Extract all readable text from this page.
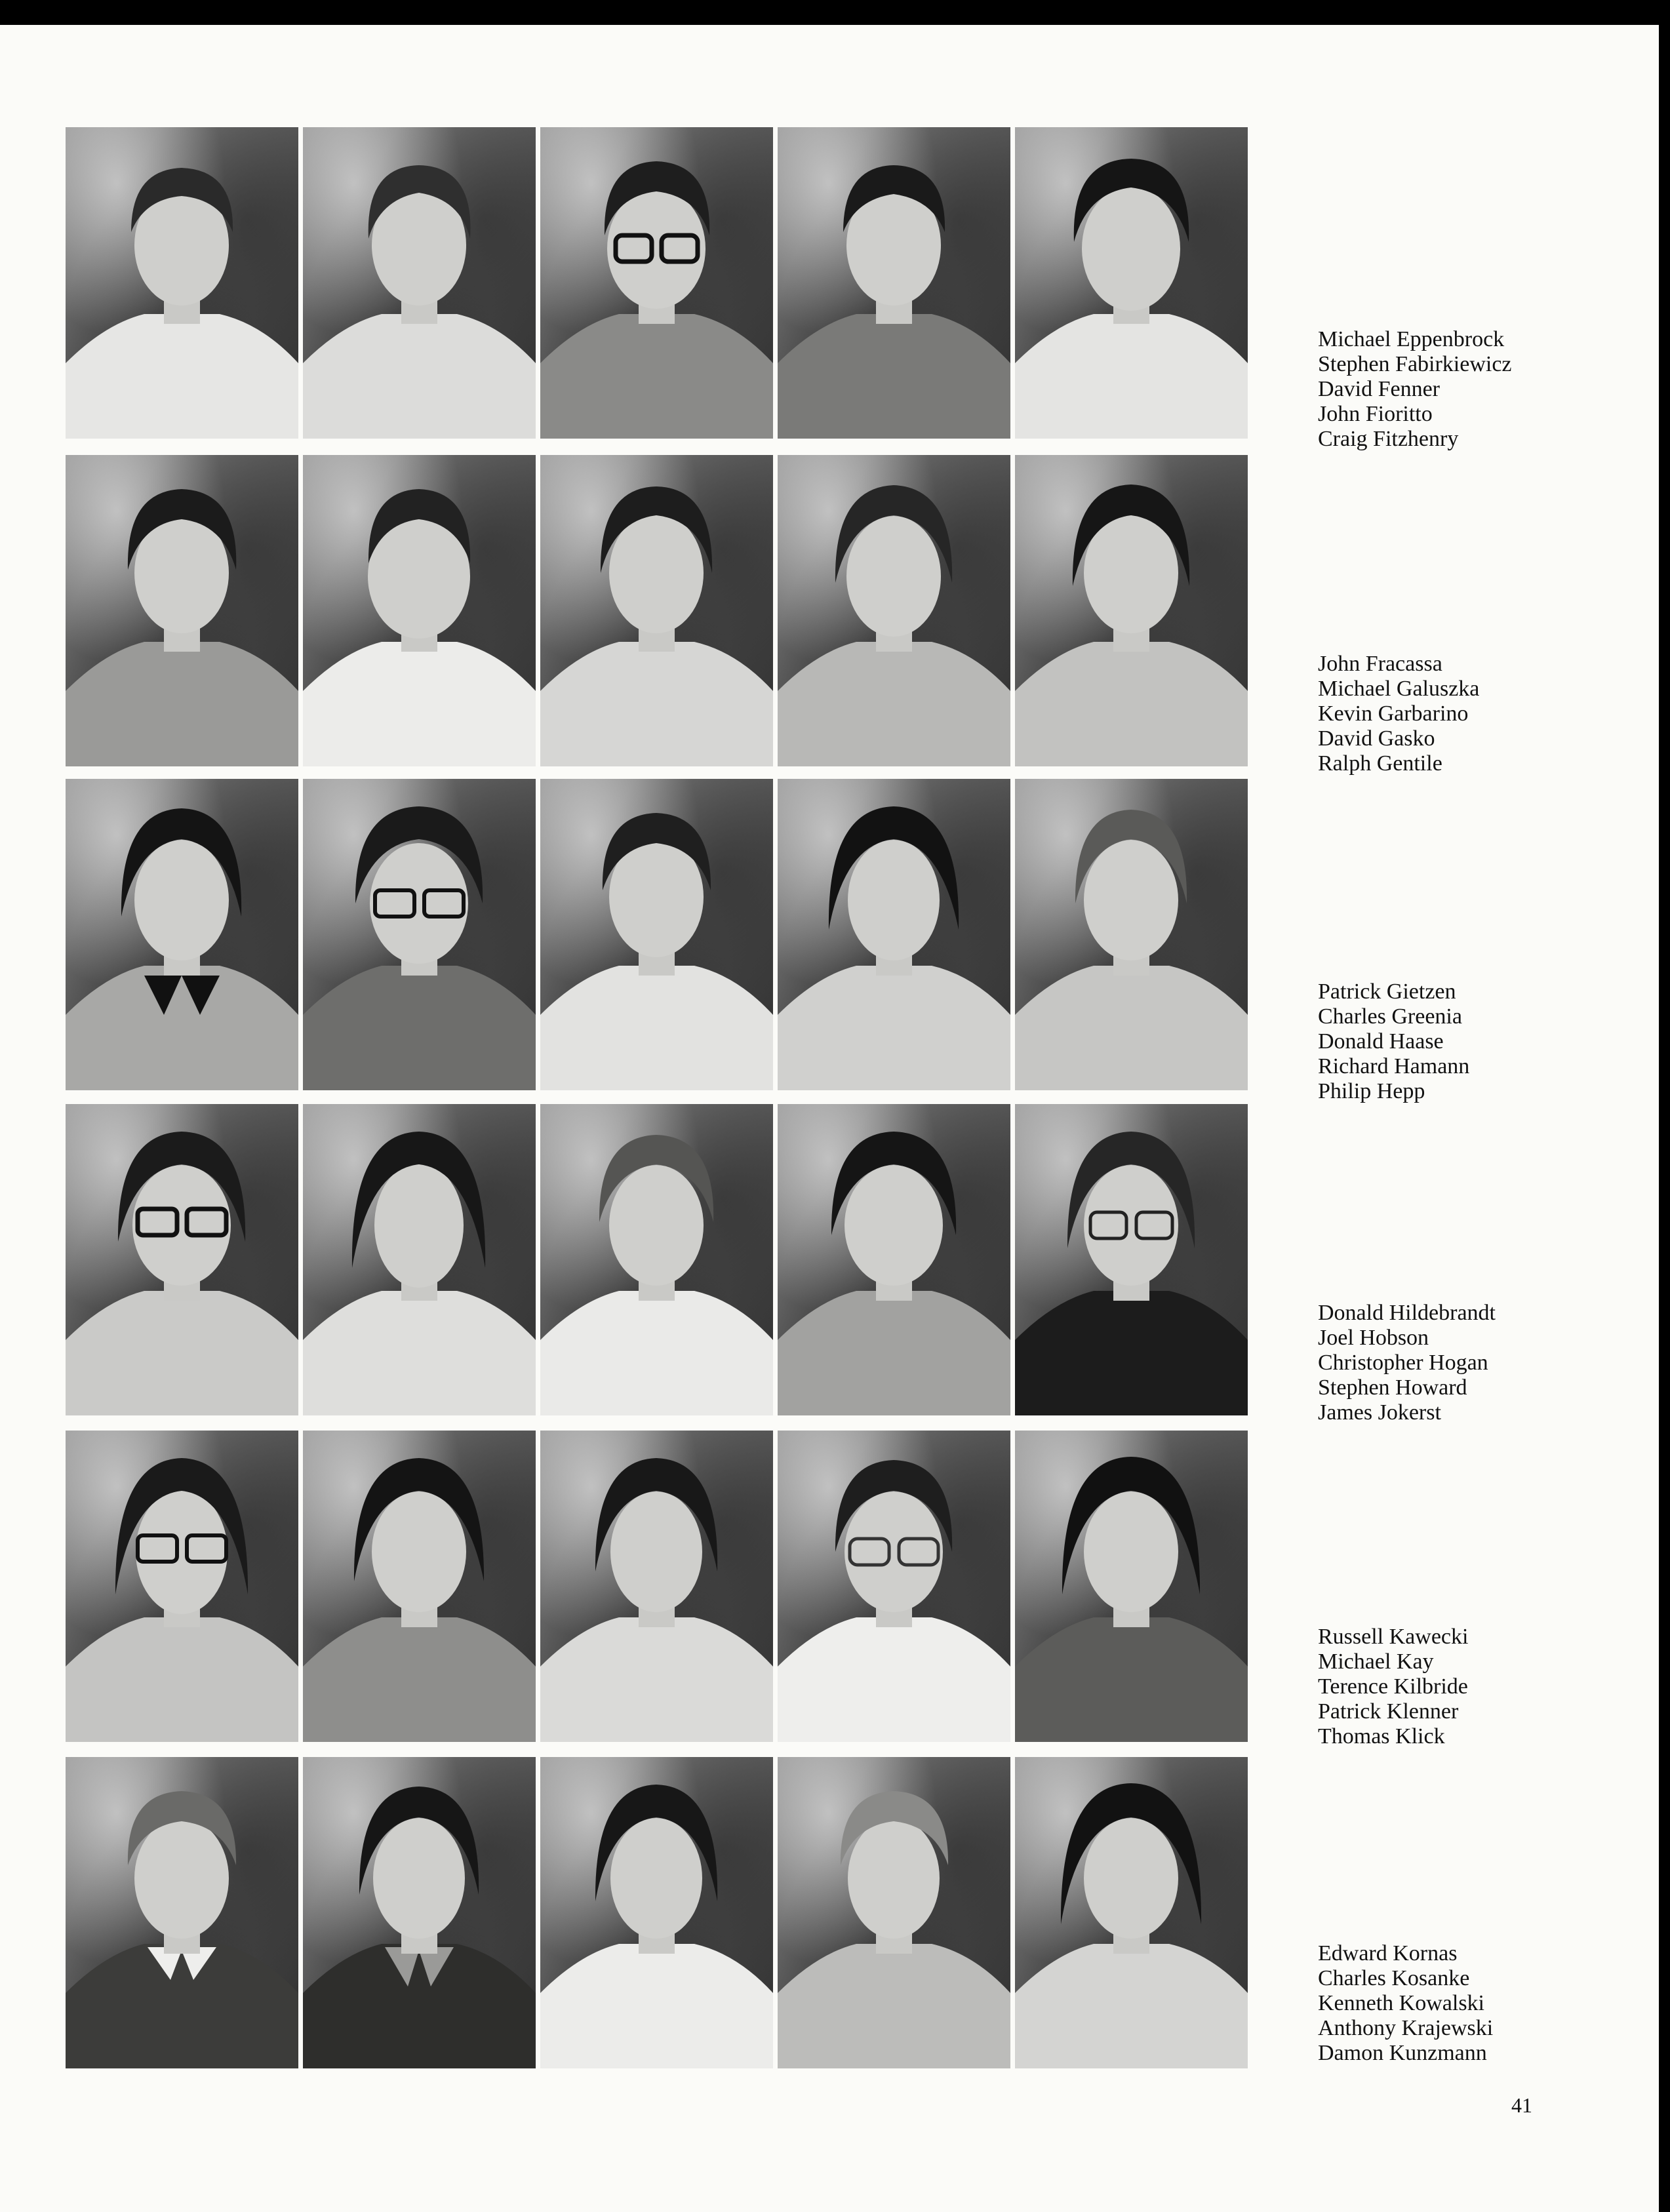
Michael Eppenbrock
Stephen Fabirkiewicz
David Fenner
John Fioritto
Craig Fitzhenry
John Fracassa
Michael Galuszka
Kevin Garbarino
David Gasko
Ralph Gentile
Patrick Gietzen
Charles Greenia
Donald Haase
Richard Hamann
Philip Hepp
Donald Hildebrandt
Joel Hobson
Christopher Hogan
Stephen Howard
James Jokerst
Russell Kawecki
Michael Kay
Terence Kilbride
Patrick Klenner
Thomas Klick
Edward Kornas
Charles Kosanke
Kenneth Kowalski
Anthony Krajewski
Damon Kunzmann
41
